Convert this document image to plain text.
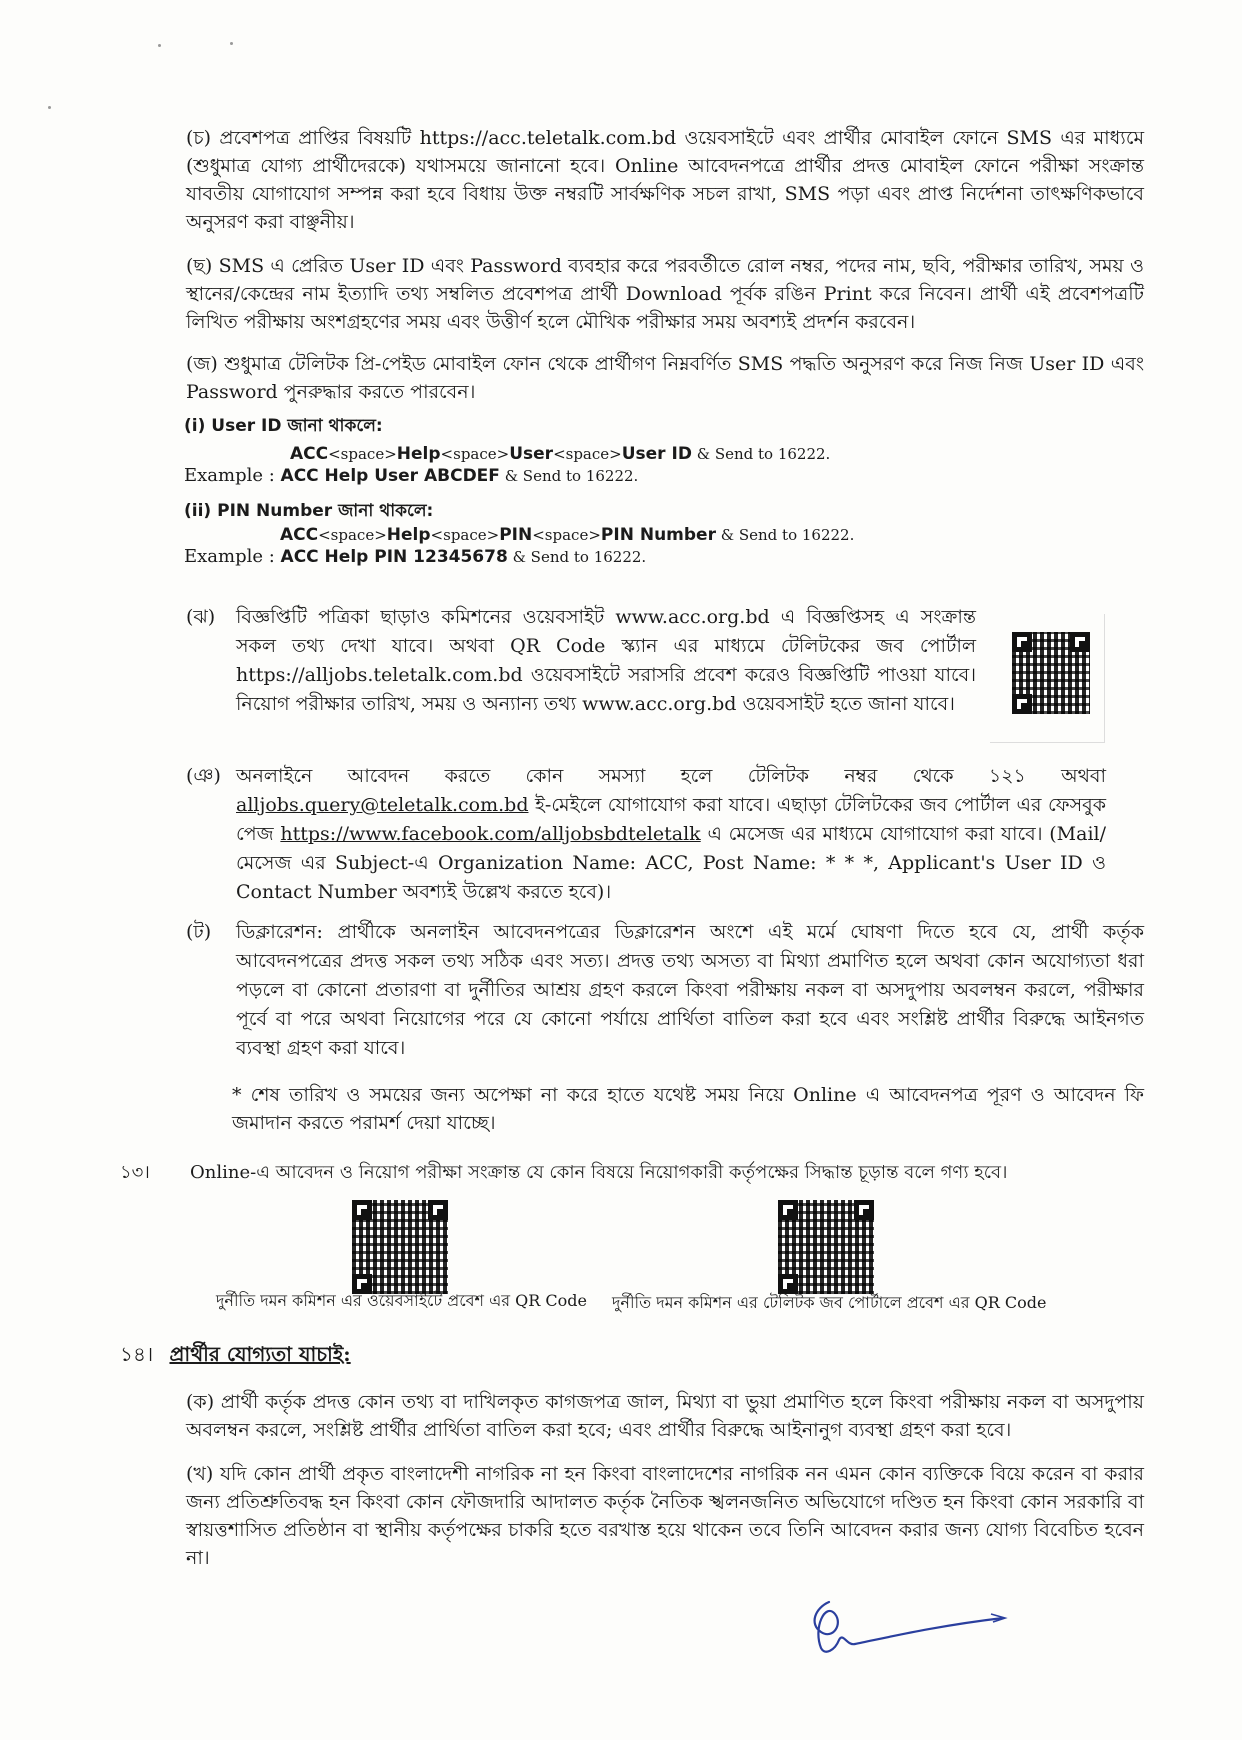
(চ) প্রবেশপত্র প্রাপ্তির বিষয়টি https://acc.teletalk.com.bd ওয়েবসাইটে এবং প্রার্থীর মোবাইল ফোনে SMS এর মাধ্যমে (শুধুমাত্র যোগ্য প্রার্থীদেরকে) যথাসময়ে জানানো হবে। Online আবেদনপত্রে প্রার্থীর প্রদত্ত মোবাইল ফোনে পরীক্ষা সংক্রান্ত যাবতীয় যোগাযোগ সম্পন্ন করা হবে বিধায় উক্ত নম্বরটি সার্বক্ষণিক সচল রাখা, SMS পড়া এবং প্রাপ্ত নির্দেশনা তাৎক্ষণিকভাবে অনুসরণ করা বাঞ্ছনীয়।

(ছ) SMS এ প্রেরিত User ID এবং Password ব্যবহার করে পরবর্তীতে রোল নম্বর, পদের নাম, ছবি, পরীক্ষার তারিখ, সময় ও স্থানের/কেন্দ্রের নাম ইত্যাদি তথ্য সম্বলিত প্রবেশপত্র প্রার্থী Download পূর্বক রঙিন Print করে নিবেন। প্রার্থী এই প্রবেশপত্রটি লিখিত পরীক্ষায় অংশগ্রহণের সময় এবং উত্তীর্ণ হলে মৌখিক পরীক্ষার সময় অবশ্যই প্রদর্শন করবেন।

(জ) শুধুমাত্র টেলিটক প্রি-পেইড মোবাইল ফোন থেকে প্রার্থীগণ নিম্নবর্ণিত SMS পদ্ধতি অনুসরণ করে নিজ নিজ User ID এবং Password পুনরুদ্ধার করতে পারবেন।

(i) User ID জানা থাকলে:
ACC<space>Help<space>User<space>User ID & Send to 16222.
Example : ACC Help User ABCDEF & Send to 16222.
(ii) PIN Number জানা থাকলে:
ACC<space>Help<space>PIN<space>PIN Number & Send to 16222.
Example : ACC Help PIN 12345678 & Send to 16222.
(ঝ) বিজ্ঞপ্তিটি পত্রিকা ছাড়াও কমিশনের ওয়েবসাইট www.acc.org.bd এ বিজ্ঞপ্তিসহ এ সংক্রান্ত সকল তথ্য দেখা যাবে। অথবা QR Code স্ক্যান এর মাধ্যমে টেলিটকের জব পোর্টাল https://alljobs.teletalk.com.bd ওয়েবসাইটে সরাসরি প্রবেশ করেও বিজ্ঞপ্তিটি পাওয়া যাবে। নিয়োগ পরীক্ষার তারিখ, সময় ও অন্যান্য তথ্য www.acc.org.bd ওয়েবসাইট হতে জানা যাবে।
(ঞ) অনলাইনে আবেদন করতে কোন সমস্যা হলে টেলিটক নম্বর থেকে ১২১ অথবা alljobs.query@teletalk.com.bd ই-মেইলে যোগাযোগ করা যাবে। এছাড়া টেলিটকের জব পোর্টাল এর ফেসবুক পেজ https://www.facebook.com/alljobsbdteletalk এ মেসেজ এর মাধ্যমে যোগাযোগ করা যাবে। (Mail/মেসেজ এর Subject-এ Organization Name: ACC, Post Name: * * *, Applicant's User ID ও Contact Number অবশ্যই উল্লেখ করতে হবে)।
(ট) ডিক্লারেশন: প্রার্থীকে অনলাইন আবেদনপত্রের ডিক্লারেশন অংশে এই মর্মে ঘোষণা দিতে হবে যে, প্রার্থী কর্তৃক আবেদনপত্রের প্রদত্ত সকল তথ্য সঠিক এবং সত্য। প্রদত্ত তথ্য অসত্য বা মিথ্যা প্রমাণিত হলে অথবা কোন অযোগ্যতা ধরা পড়লে বা কোনো প্রতারণা বা দুর্নীতির আশ্রয় গ্রহণ করলে কিংবা পরীক্ষায় নকল বা অসদুপায় অবলম্বন করলে, পরীক্ষার পূর্বে বা পরে অথবা নিয়োগের পরে যে কোনো পর্যায়ে প্রার্থিতা বাতিল করা হবে এবং সংশ্লিষ্ট প্রার্থীর বিরুদ্ধে আইনগত ব্যবস্থা গ্রহণ করা যাবে।

* শেষ তারিখ ও সময়ের জন্য অপেক্ষা না করে হাতে যথেষ্ট সময় নিয়ে Online এ আবেদনপত্র পূরণ ও আবেদন ফি জমাদান করতে পরামর্শ দেয়া যাচ্ছে।

১৩। Online-এ আবেদন ও নিয়োগ পরীক্ষা সংক্রান্ত যে কোন বিষয়ে নিয়োগকারী কর্তৃপক্ষের সিদ্ধান্ত চূড়ান্ত বলে গণ্য হবে।
দুর্নীতি দমন কমিশন এর ওয়েবসাইটে প্রবেশ এর QR Code দুর্নীতি দমন কমিশন এর টেলিটক জব পোর্টালে প্রবেশ এর QR Code
১৪। প্রার্থীর যোগ্যতা যাচাই:

(ক) প্রার্থী কর্তৃক প্রদত্ত কোন তথ্য বা দাখিলকৃত কাগজপত্র জাল, মিথ্যা বা ভুয়া প্রমাণিত হলে কিংবা পরীক্ষায় নকল বা অসদুপায় অবলম্বন করলে, সংশ্লিষ্ট প্রার্থীর প্রার্থিতা বাতিল করা হবে; এবং প্রার্থীর বিরুদ্ধে আইনানুগ ব্যবস্থা গ্রহণ করা হবে।

(খ) যদি কোন প্রার্থী প্রকৃত বাংলাদেশী নাগরিক না হন কিংবা বাংলাদেশের নাগরিক নন এমন কোন ব্যক্তিকে বিয়ে করেন বা করার জন্য প্রতিশ্রুতিবদ্ধ হন কিংবা কোন ফৌজদারি আদালত কর্তৃক নৈতিক স্খলনজনিত অভিযোগে দণ্ডিত হন কিংবা কোন সরকারি বা স্বায়ত্তশাসিত প্রতিষ্ঠান বা স্থানীয় কর্তৃপক্ষের চাকরি হতে বরখাস্ত হয়ে থাকেন তবে তিনি আবেদন করার জন্য যোগ্য বিবেচিত হবেন না।
